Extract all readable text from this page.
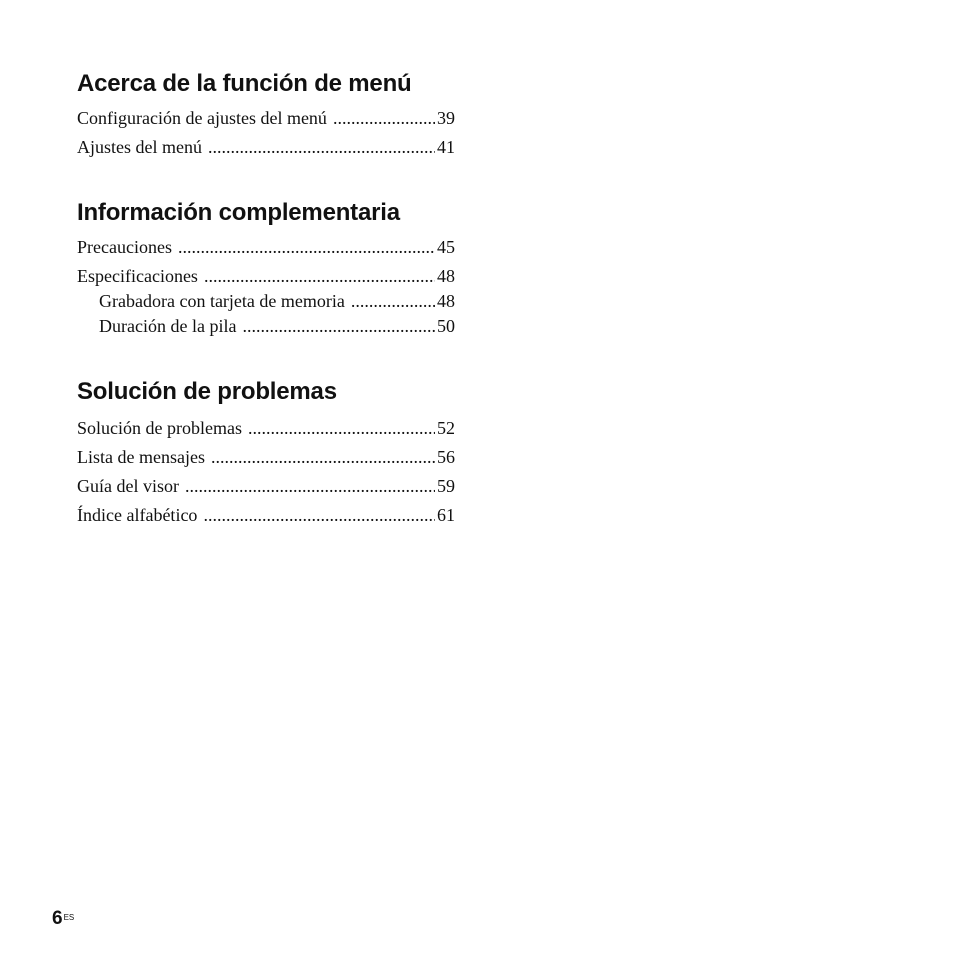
Acerca de la función de menú
Configuración de ajustes del menú .....	39
Ajustes del menú .....	41
Información complementaria
Precauciones .....	45
Especificaciones .....	48
Grabadora con tarjeta de memoria .....	48
Duración de la pila .....	50
Solución de problemas
Solución de problemas .....	52
Lista de mensajes .....	56
Guía del visor .....	59
Índice alfabético .....	61
$6^{ES}$
